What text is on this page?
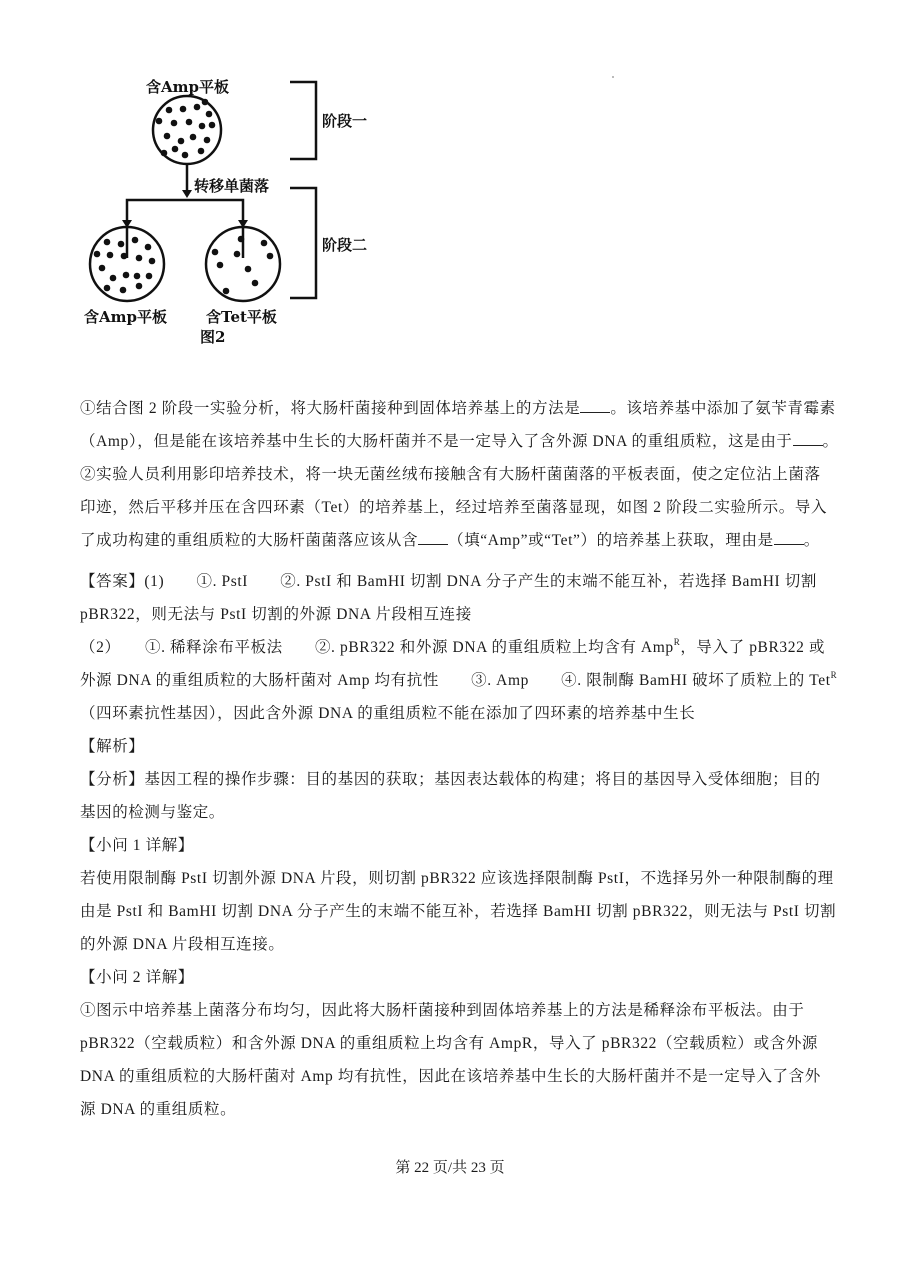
含Amp平板
阶段一
转移单菌落
阶段二
含Amp平板	含Tet平板
图2
①结合图 2 阶段一实验分析，将大肠杆菌接种到固体培养基上的方法是 。该培养基中添加了氨苄青霉素
（Amp），但是能在该培养基中生长的大肠杆菌并不是一定导入了含外源 DNA 的重组质粒，这是由于 。
②实验人员利用影印培养技术，将一块无菌丝绒布接触含有大肠杆菌菌落的平板表面，使之定位沾上菌落
印迹，然后平移并压在含四环素（Tet）的培养基上，经过培养至菌落显现，如图 2 阶段二实验所示。导入
了成功构建的重组质粒的大肠杆菌菌落应该从含 （填“Amp”或“Tet”）的培养基上获取，理由是 。
【答案】(1)　　①. PstI　　②. PstI 和 BamHI 切割 DNA 分子产生的末端不能互补，若选择 BamHI 切割
pBR322，则无法与 PstI 切割的外源 DNA 片段相互连接
（2）　　①. 稀释涂布平板法　　②. pBR322 和外源 DNA 的重组质粒上均含有 Amp$^R$，导入了 pBR322 或
外源 DNA 的重组质粒的大肠杆菌对 Amp 均有抗性　　③. Amp　　④. 限制酶 BamHI 破坏了质粒上的 Tet$^R$
（四环素抗性基因），因此含外源 DNA 的重组质粒不能在添加了四环素的培养基中生长
【解析】
【分析】基因工程的操作步骤：目的基因的获取；基因表达载体的构建；将目的基因导入受体细胞；目的
基因的检测与鉴定。
【小问 1 详解】
若使用限制酶 PstI 切割外源 DNA 片段，则切割 pBR322 应该选择限制酶 PstI，不选择另外一种限制酶的理
由是 PstI 和 BamHI 切割 DNA 分子产生的末端不能互补，若选择 BamHI 切割 pBR322，则无法与 PstI 切割
的外源 DNA 片段相互连接。
【小问 2 详解】
①图示中培养基上菌落分布均匀，因此将大肠杆菌接种到固体培养基上的方法是稀释涂布平板法。由于
pBR322（空载质粒）和含外源 DNA 的重组质粒上均含有 AmpR，导入了 pBR322（空载质粒）或含外源
DNA 的重组质粒的大肠杆菌对 Amp 均有抗性，因此在该培养基中生长的大肠杆菌并不是一定导入了含外
源 DNA 的重组质粒。
第 22 页/共 23 页
